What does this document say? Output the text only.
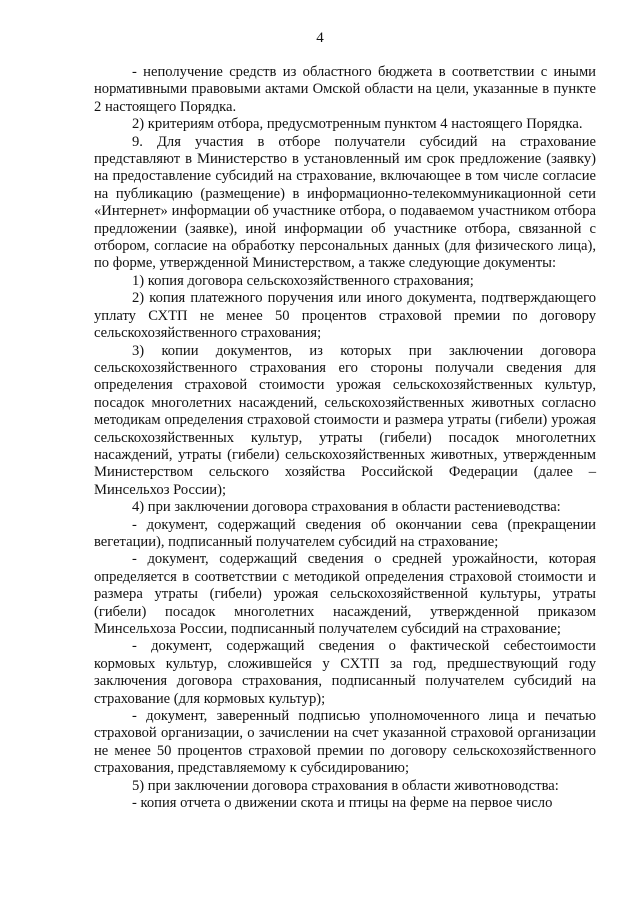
4

- неполучение средств из областного бюджета в соответствии с иными нормативными правовыми актами Омской области на цели, указанные в пункте 2 настоящего Порядка.

2) критериям отбора, предусмотренным пунктом 4 настоящего Порядка.

9. Для участия в отборе получатели субсидий на страхование представляют в Министерство в установленный им срок предложение (заявку) на предоставление субсидий на страхование, включающее в том числе согласие на публикацию (размещение) в информационно-телекоммуникационной сети «Интернет» информации об участнике отбора, о подаваемом участником отбора предложении (заявке), иной информации об участнике отбора, связанной с отбором, согласие на обработку персональных данных (для физического лица), по форме, утвержденной Министерством, а также следующие документы:

1) копия договора сельскохозяйственного страхования;

2) копия платежного поручения или иного документа, подтверждающего уплату СХТП не менее 50 процентов страховой премии по договору сельскохозяйственного страхования;

3) копии документов, из которых при заключении договора сельскохозяйственного страхования его стороны получали сведения для определения страховой стоимости урожая сельскохозяйственных культур, посадок многолетних насаждений, сельскохозяйственных животных согласно методикам определения страховой стоимости и размера утраты (гибели) урожая сельскохозяйственных культур, утраты (гибели) посадок многолетних насаждений, утраты (гибели) сельскохозяйственных животных, утвержденным Министерством сельского хозяйства Российской Федерации (далее – Минсельхоз России);

4) при заключении договора страхования в области растениеводства:

- документ, содержащий сведения об окончании сева (прекращении вегетации), подписанный получателем субсидий на страхование;

- документ, содержащий сведения о средней урожайности, которая определяется в соответствии с методикой определения страховой стоимости и размера утраты (гибели) урожая сельскохозяйственной культуры, утраты (гибели) посадок многолетних насаждений, утвержденной приказом Минсельхоза России, подписанный получателем субсидий на страхование;

- документ, содержащий сведения о фактической себестоимости кормовых культур, сложившейся у СХТП за год, предшествующий году заключения договора страхования, подписанный получателем субсидий на страхование (для кормовых культур);

- документ, заверенный подписью уполномоченного лица и печатью страховой организации, о зачислении на счет указанной страховой организации не менее 50 процентов страховой премии по договору сельскохозяйственного страхования, представляемому к субсидированию;

5) при заключении договора страхования в области животноводства:

- копия отчета о движении скота и птицы на ферме на первое число
